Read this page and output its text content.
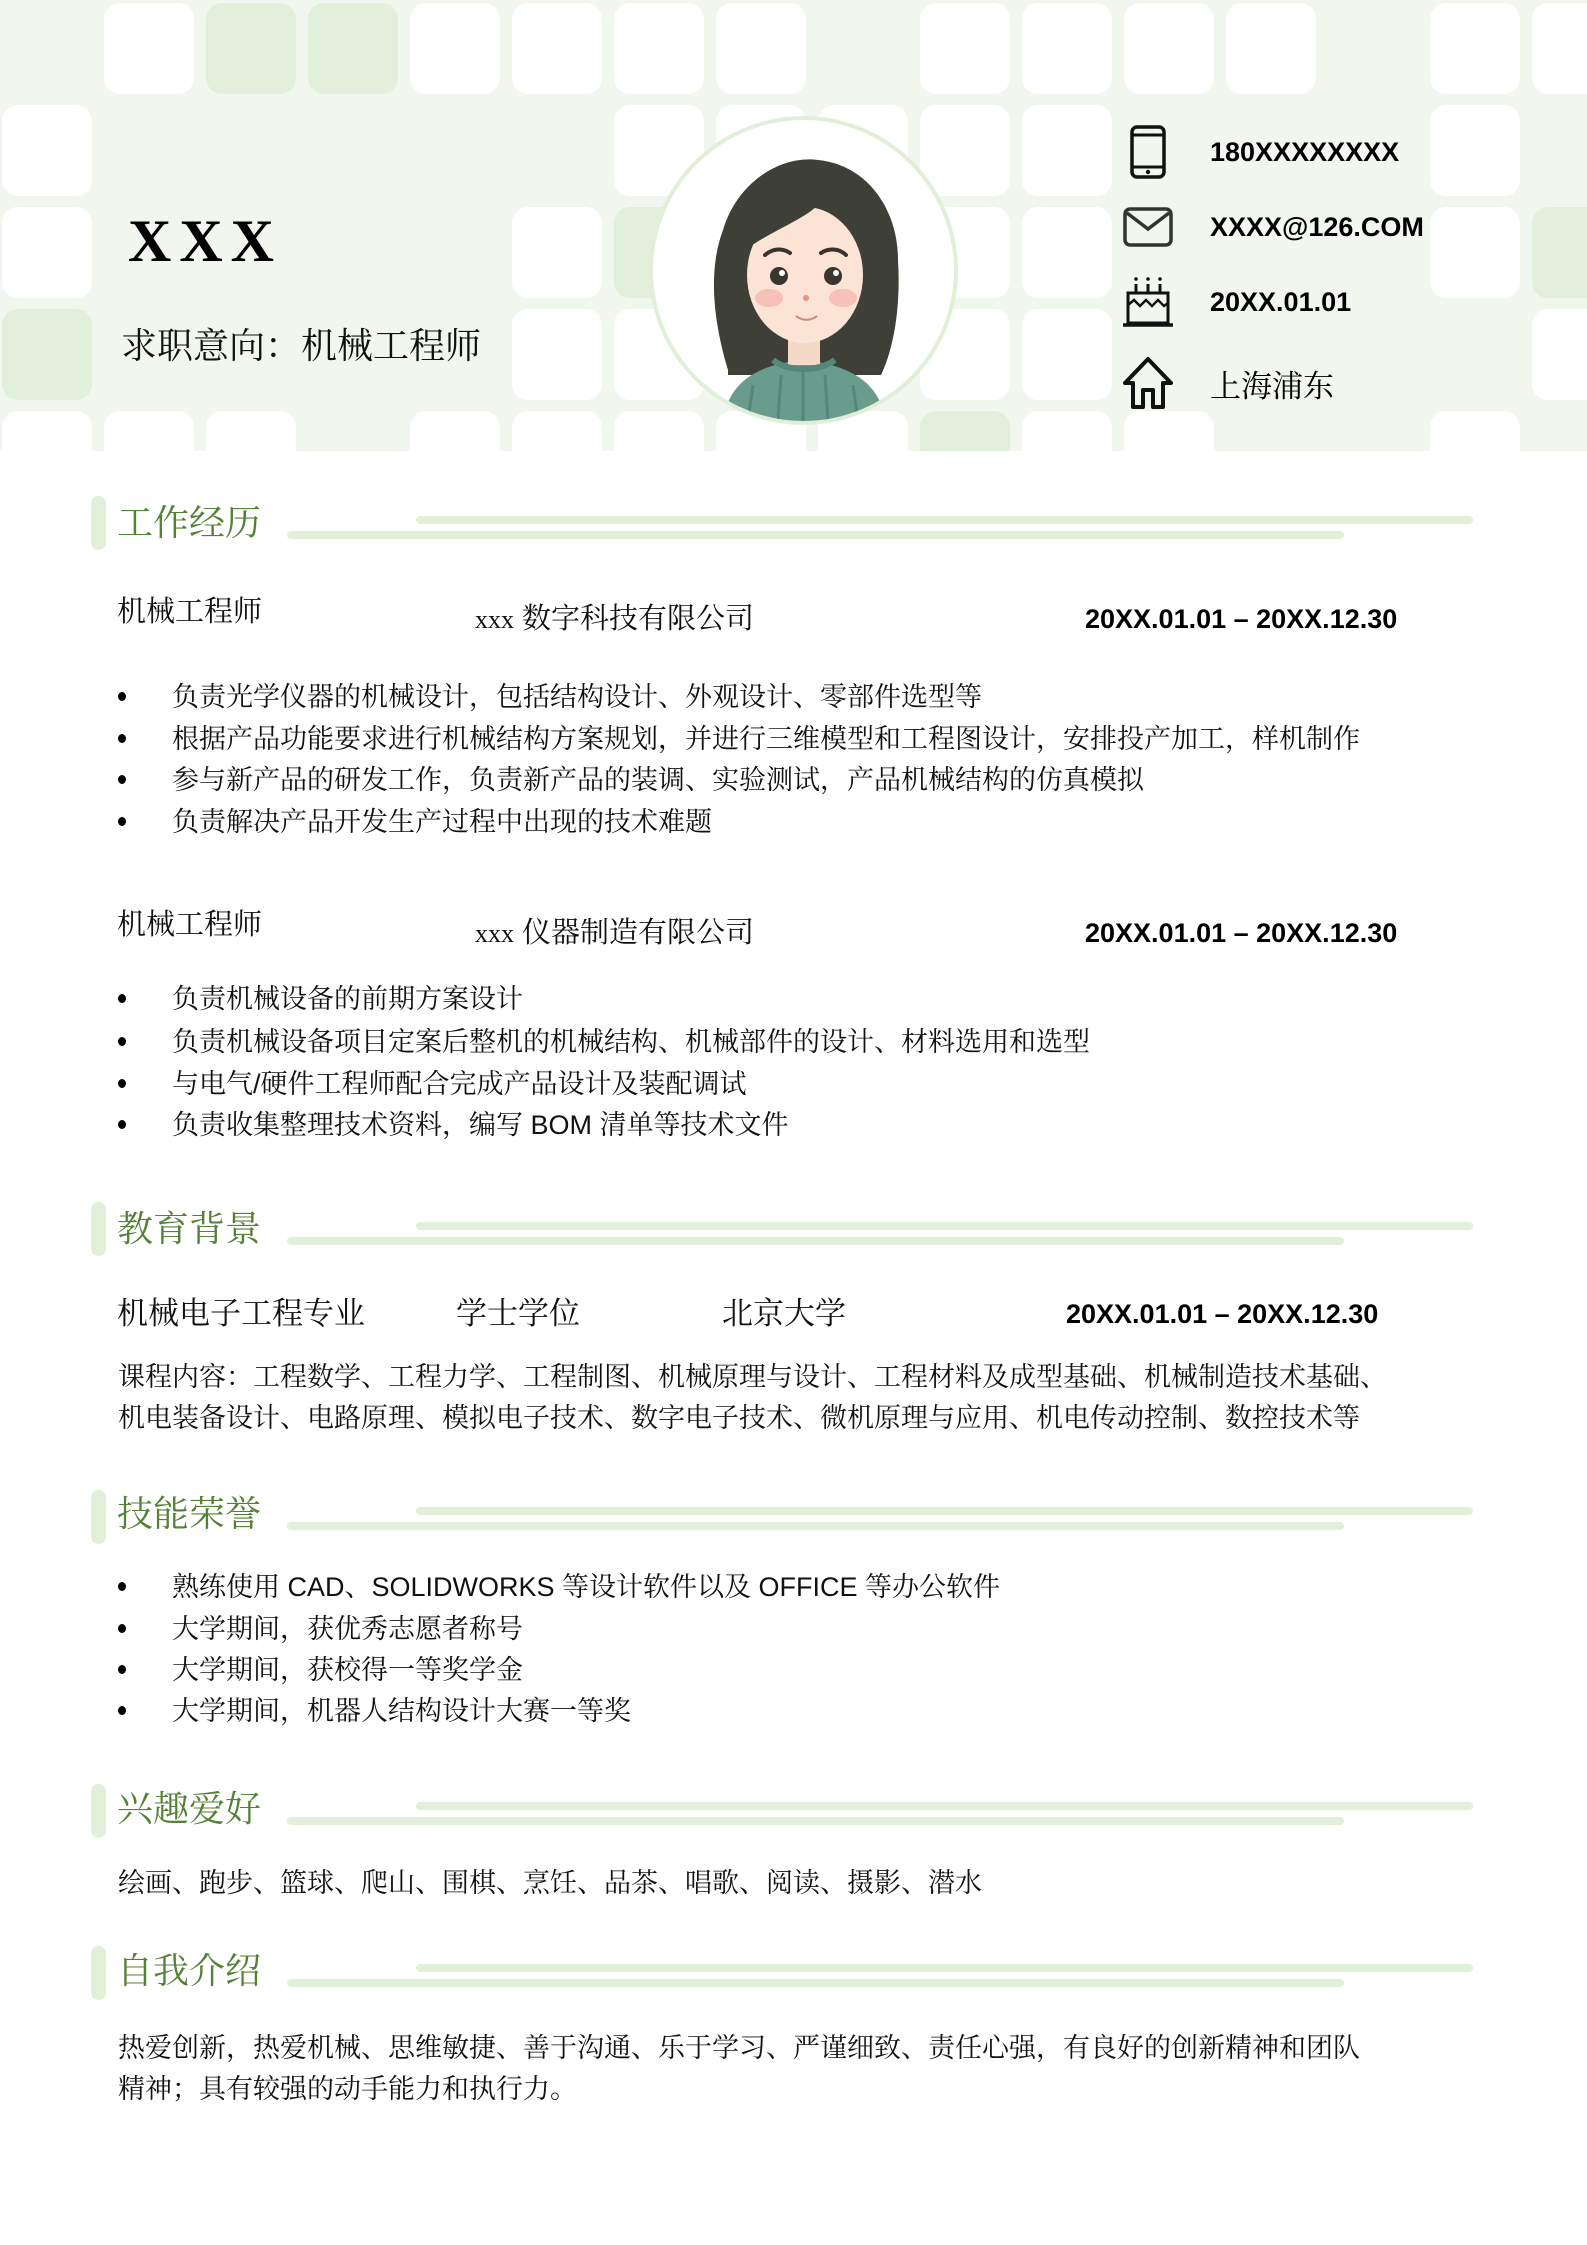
XXX
求职意向：机械工程师
180XXXXXXXX
XXXX@126.COM
20XX.01.01
上海浦东
工作经历
机械工程师	xxx 数字科技有限公司	20XX.01.01 – 20XX.12.30
负责光学仪器的机械设计，包括结构设计、外观设计、零部件选型等
根据产品功能要求进行机械结构方案规划，并进行三维模型和工程图设计，安排投产加工，样机制作
参与新产品的研发工作，负责新产品的装调、实验测试，产品机械结构的仿真模拟
负责解决产品开发生产过程中出现的技术难题
机械工程师	xxx 仪器制造有限公司	20XX.01.01 – 20XX.12.30
负责机械设备的前期方案设计
负责机械设备项目定案后整机的机械结构、机械部件的设计、材料选用和选型
与电气/硬件工程师配合完成产品设计及装配调试
负责收集整理技术资料，编写 BOM 清单等技术文件
教育背景
机械电子工程专业	学士学位	北京大学	20XX.01.01 – 20XX.12.30
课程内容：工程数学、工程力学、工程制图、机械原理与设计、工程材料及成型基础、机械制造技术基础、
机电装备设计、电路原理、模拟电子技术、数字电子技术、微机原理与应用、机电传动控制、数控技术等
技能荣誉
熟练使用 CAD、SOLIDWORKS 等设计软件以及 OFFICE 等办公软件
大学期间，获优秀志愿者称号
大学期间，获校得一等奖学金
大学期间，机器人结构设计大赛一等奖
兴趣爱好
绘画、跑步、篮球、爬山、围棋、烹饪、品茶、唱歌、阅读、摄影、潜水
自我介绍
热爱创新，热爱机械、思维敏捷、善于沟通、乐于学习、严谨细致、责任心强，有良好的创新精神和团队
精神；具有较强的动手能力和执行力。
